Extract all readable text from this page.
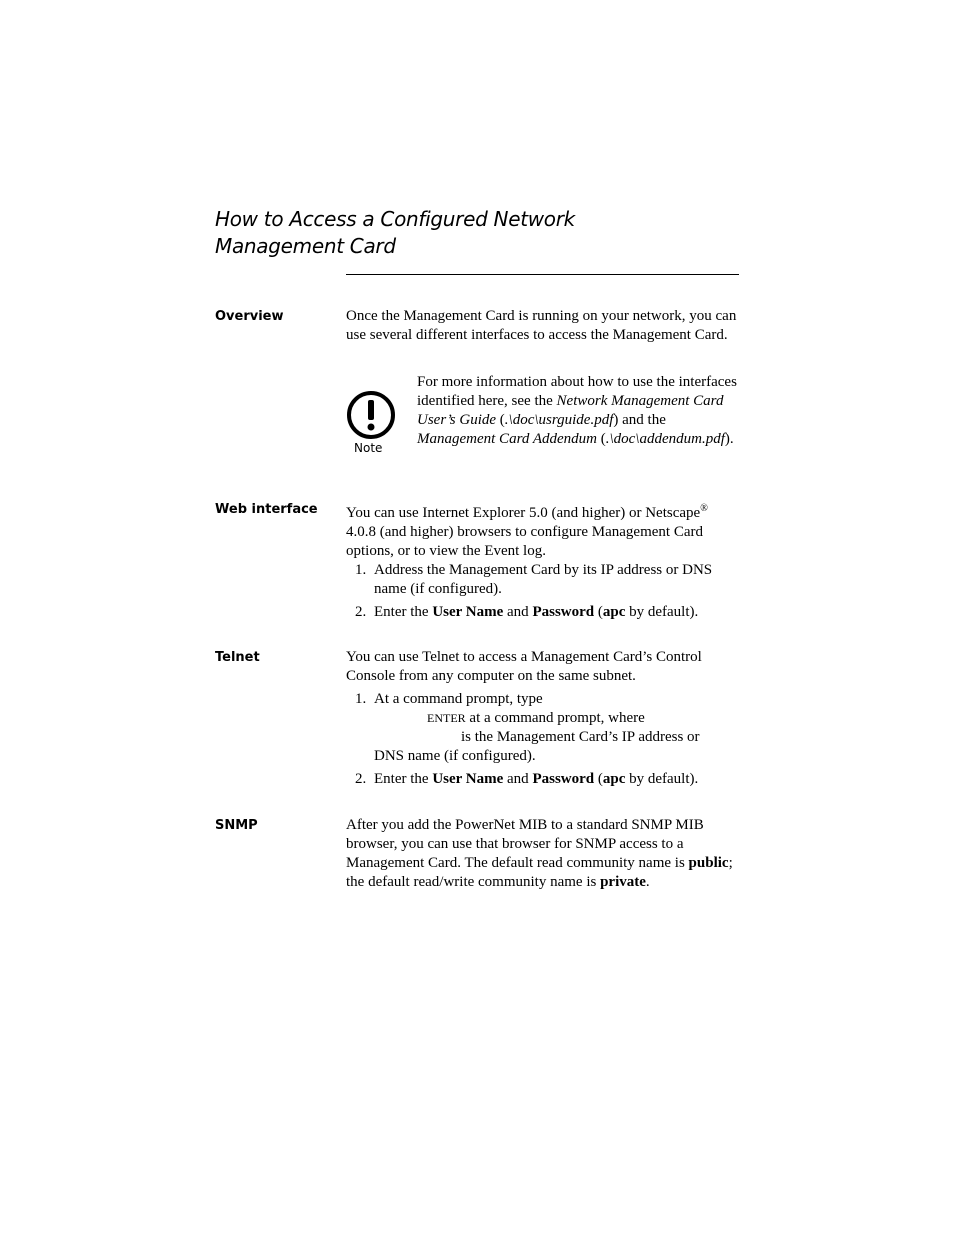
How to Access a Configured Network
Management Card
Overview	Once the Management Card is running on your network, you can use several different interfaces to access the Management Card.

Note
For more information about how to use the interfaces identified here, see the Network Management Card User’s Guide (.\doc\usrguide.pdf) and the Management Card Addendum (.\doc\addendum.pdf).
Web interface You can use Internet Explorer 5.0 (and higher) or Netscape® 4.0.8 (and higher) browsers to configure Management Card options, or to view the Event log.

1. Address the Management Card by its IP address or DNS name (if configured).
2. Enter the User Name and Password (apc by default).
Telnet	You can use Telnet to access a Management Card’s Control Console from any computer on the same subnet.

1. At a command prompt, type
ENTER at a command prompt, where
is the Management Card’s IP address or
DNS name (if configured).
2. Enter the User Name and Password (apc by default).
SNMP	After you add the PowerNet MIB to a standard SNMP MIB browser, you can use that browser for SNMP access to a Management Card. The default read community name is public; the default read/write community name is private.
